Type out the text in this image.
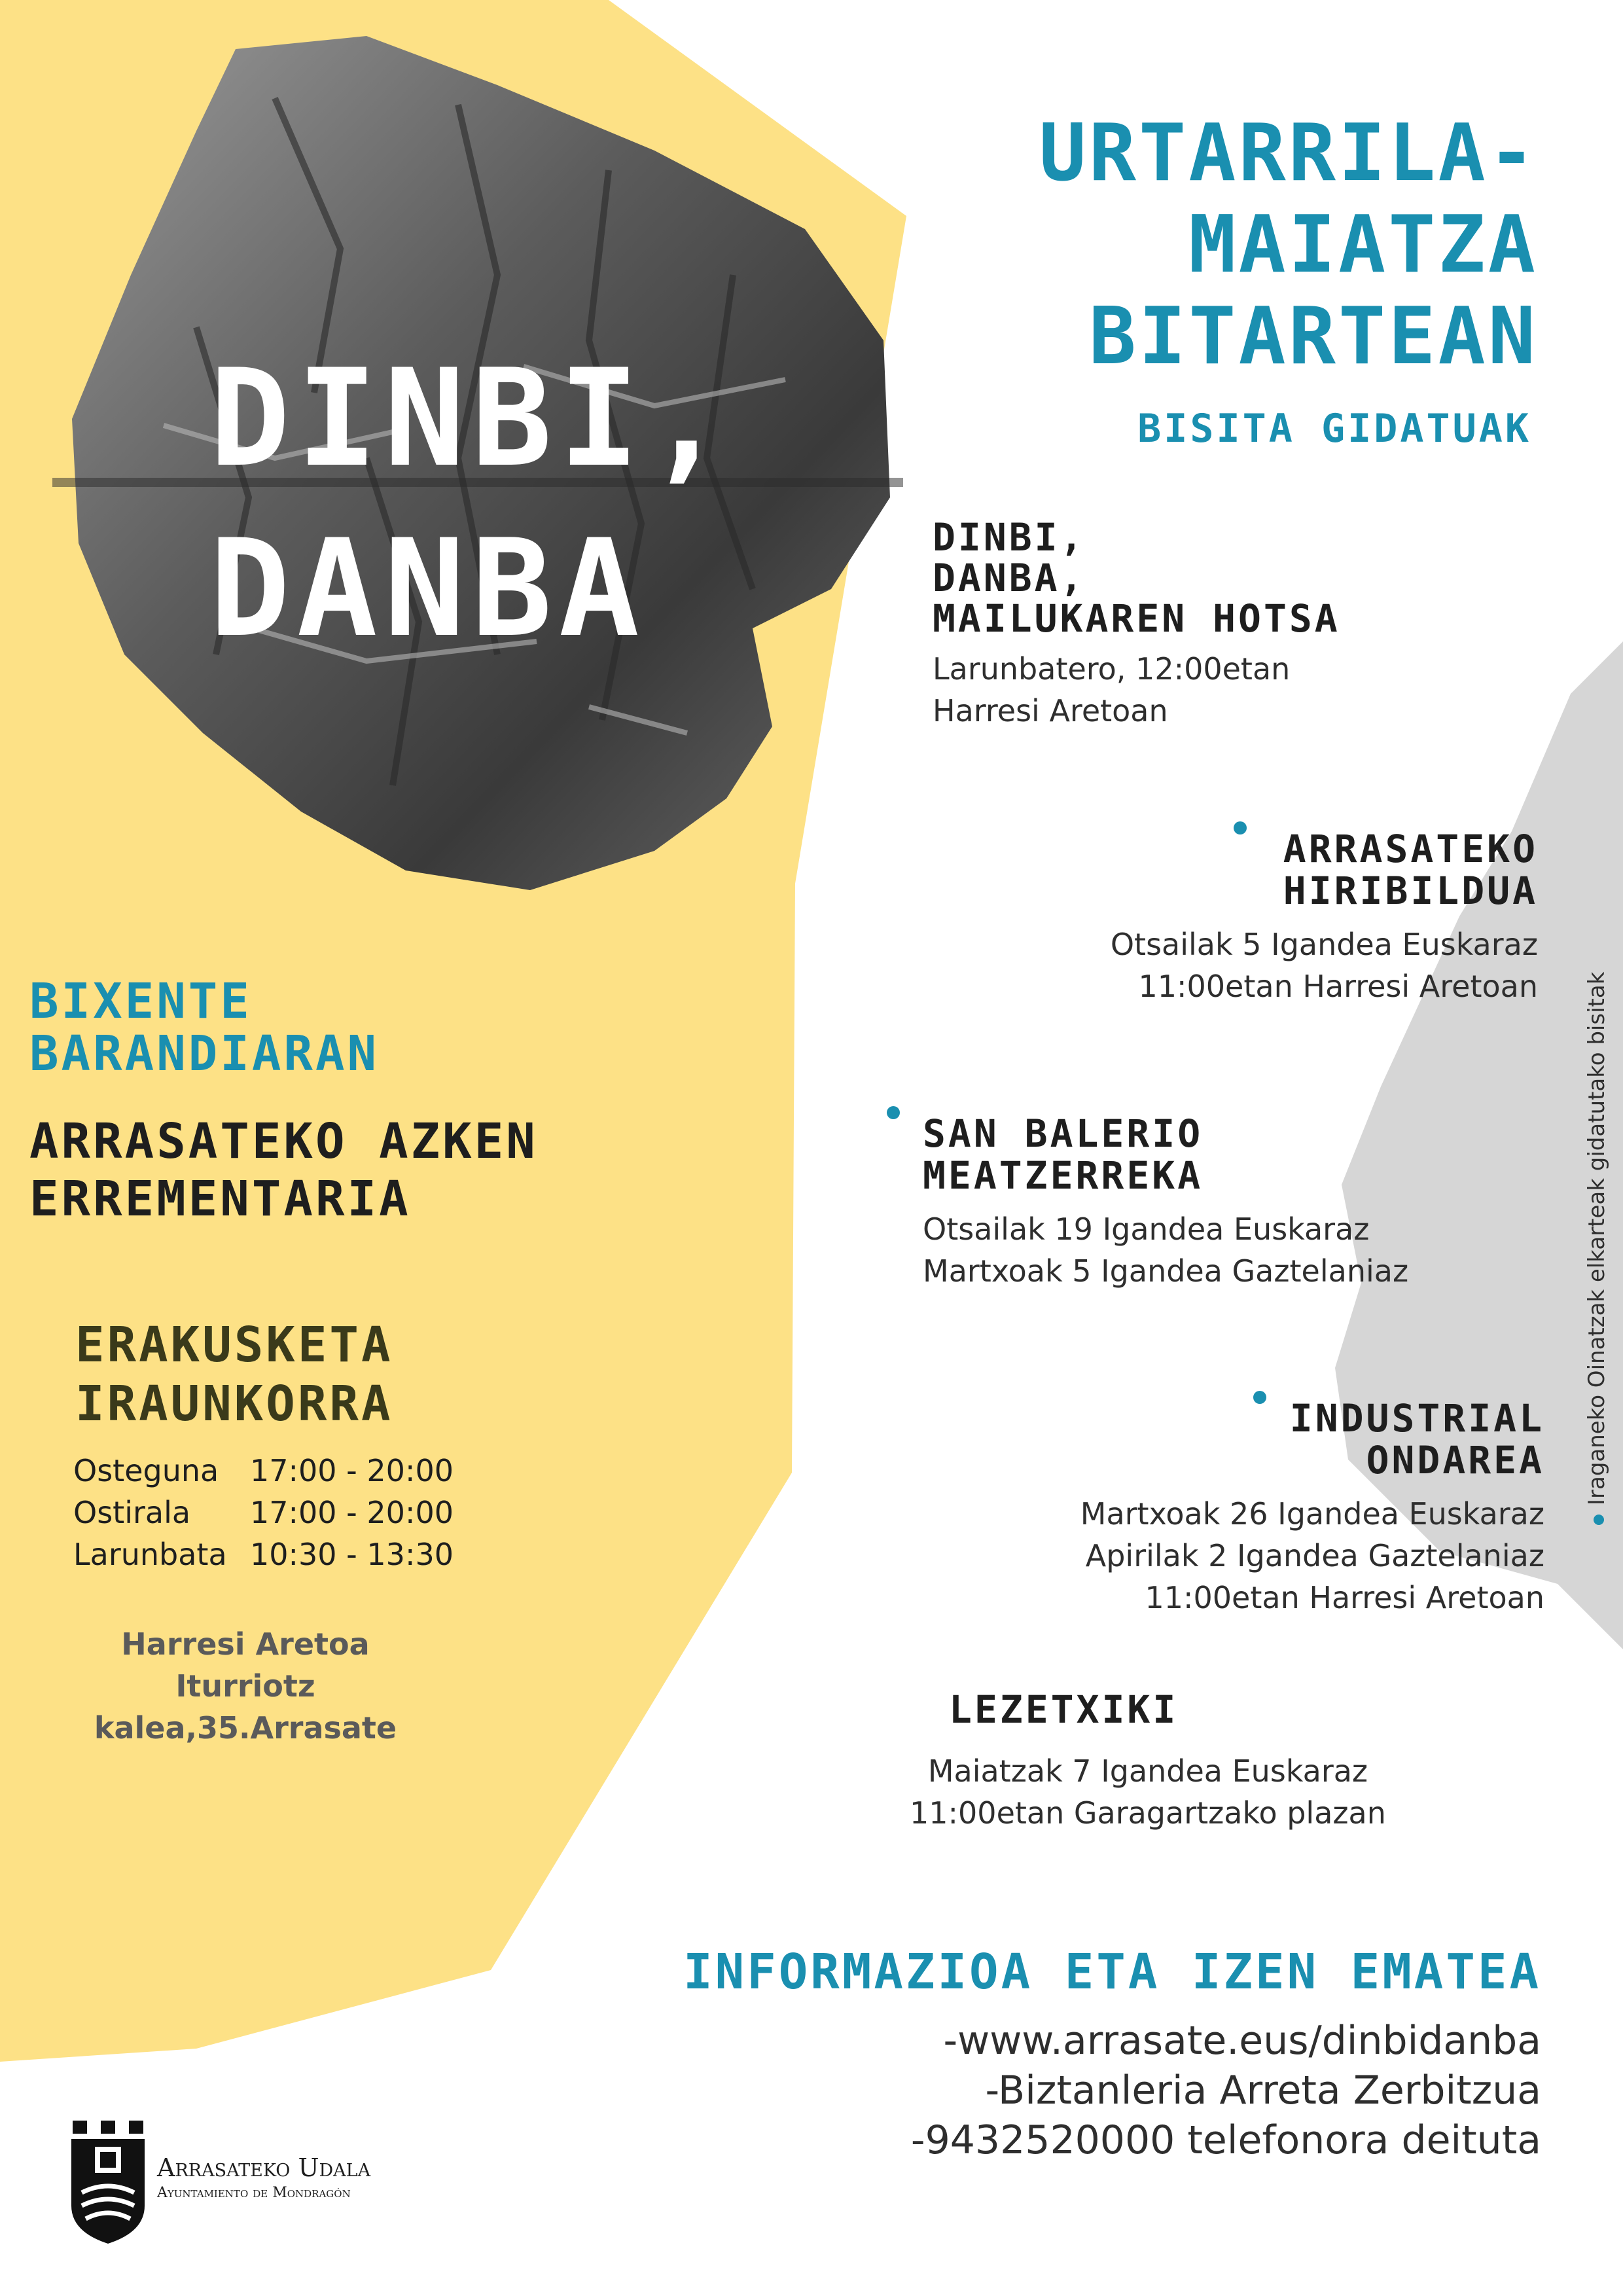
DINBI,
DANBA
URTARRILA-
MAIATZA
BITARTEAN
BISITA GIDATUAK
DINBI,
DANBA,
MAILUKAREN HOTSA
Larunbatero, 12:00etan
Harresi Aretoan
ARRASATEKO
HIRIBILDUA
Otsailak 5 Igandea Euskaraz
11:00etan Harresi Aretoan
SAN BALERIO
MEATZERREKA
Otsailak 19 Igandea Euskaraz
Martxoak 5 Igandea Gaztelaniaz
INDUSTRIAL
ONDAREA
Martxoak 26 Igandea Euskaraz
Apirilak 2 Igandea Gaztelaniaz
11:00etan Harresi Aretoan
LEZETXIKI
Maiatzak 7 Igandea Euskaraz
11:00etan Garagartzako plazan
Iraganeko Oinatzak elkarteak gidatutako bisitak
BIXENTE
BARANDIARAN
ARRASATEKO AZKEN
ERREMENTARIA
ERAKUSKETA
IRAUNKORRA
Osteguna 17:00 - 20:00
Ostirala 17:00 - 20:00
Larunbata 10:30 - 13:30
Harresi Aretoa
Iturriotz kalea,35.Arrasate
INFORMAZIOA ETA IZEN EMATEA
-www.arrasate.eus/dinbidanba
-Biztanleria Arreta Zerbitzua
-9432520000 telefonora deituta
Arrasateko Udala
Ayuntamiento de Mondragón
